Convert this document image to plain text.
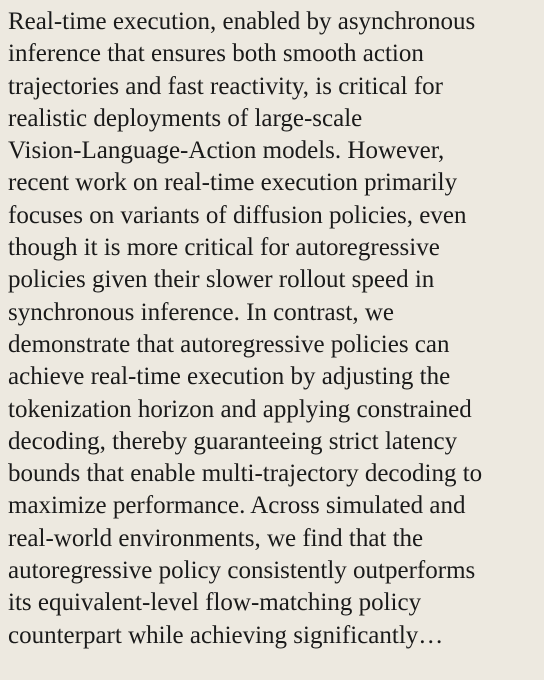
Real-time execution, enabled by asynchronous
inference that ensures both smooth action
trajectories and fast reactivity, is critical for
realistic deployments of large-scale
Vision-Language-Action models. However,
recent work on real-time execution primarily
focuses on variants of diffusion policies, even
though it is more critical for autoregressive
policies given their slower rollout speed in
synchronous inference. In contrast, we
demonstrate that autoregressive policies can
achieve real-time execution by adjusting the
tokenization horizon and applying constrained
decoding, thereby guaranteeing strict latency
bounds that enable multi-trajectory decoding to
maximize performance. Across simulated and
real-world environments, we find that the
autoregressive policy consistently outperforms
its equivalent-level flow-matching policy
counterpart while achieving significantly…
